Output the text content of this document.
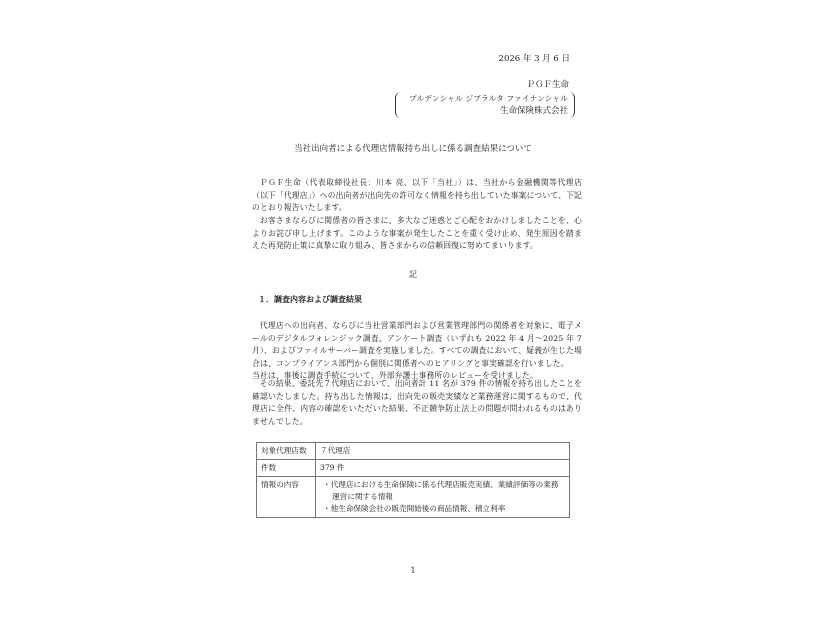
2026 年 3 月 6 日
ＰＧＦ生命
プルデンシャル ジブラルタ ファイナンシャル
生命保険株式会社
当社出向者による代理店情報持ち出しに係る調査結果について
ＰＧＦ生命（代表取締役社長：川本 亮、以下「当社」）は、当社から金融機関等代理店（以下「代理店」）への出向者が出向先の許可なく情報を持ち出していた事案について、下記のとおり報告いたします。
お客さまならびに関係者の皆さまに、多大なご迷惑とご心配をおかけしましたことを、心よりお詫び申し上げます。このような事案が発生したことを重く受け止め、発生原因を踏まえた再発防止策に真摯に取り組み、皆さまからの信頼回復に努めてまいります。
記
１．調査内容および調査結果
代理店への出向者、ならびに当社営業部門および営業管理部門の関係者を対象に、電子メールのデジタルフォレンジック調査、アンケート調査（いずれも 2022 年 4 月～2025 年 7 月）、およびファイルサーバー調査を実施しました。すべての調査において、疑義が生じた場合は、コンプライアンス部門から個別に関係者へのヒアリングと事実確認を行いました。
当社は、事後に調査手続について、外部弁護士事務所のレビューを受けました。
その結果、委託先７代理店において、出向者計 11 名が 379 件の情報を持ち出したことを確認いたしました。持ち出した情報は、出向先の販売実績など業務運営に関するもので、代理店に全件、内容の確認をいただいた結果、不正競争防止法上の問題が問われるものはありませんでした。
対象代理店数	７代理店
件数	379 件
情報の内容	・代理店における生命保険に係る代理店販売実績、業績評価等の業務運営に関する情報
・他生命保険会社の販売開始後の商品情報、積立利率
1
